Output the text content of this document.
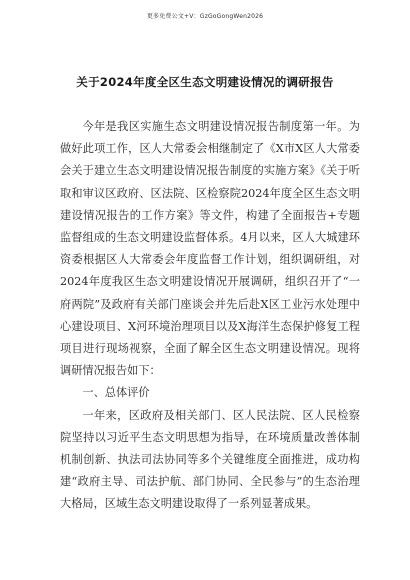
更多免费公文+V：GzGoGongWen2026
关于2024年度全区生态文明建设情况的调研报告

今年是我区实施生态文明建设情况报告制度第一年。为做好此项工作，区人大常委会相继制定了《X市X区人大常委会关于建立生态文明建设情况报告制度的实施方案》《关于听取和审议区政府、区法院、区检察院2024年度全区生态文明建设情况报告的工作方案》等文件，构建了全面报告+专题监督组成的生态文明建设监督体系。4月以来，区人大城建环资委根据区人大常委会年度监督工作计划，组织调研组，对2024年度我区生态文明建设情况开展调研，组织召开了“一府两院”及政府有关部门座谈会并先后赴X区工业污水处理中心建设项目、X河环境治理项目以及X海洋生态保护修复工程项目进行现场视察，全面了解全区生态文明建设情况。现将调研情况报告如下：

一、总体评价

一年来，区政府及相关部门、区人民法院、区人民检察院坚持以习近平生态文明思想为指导，在环境质量改善体制机制创新、执法司法协同等多个关键维度全面推进，成功构建“政府主导、司法护航、部门协同、全民参与”的生态治理大格局，区域生态文明建设取得了一系列显著成果。
